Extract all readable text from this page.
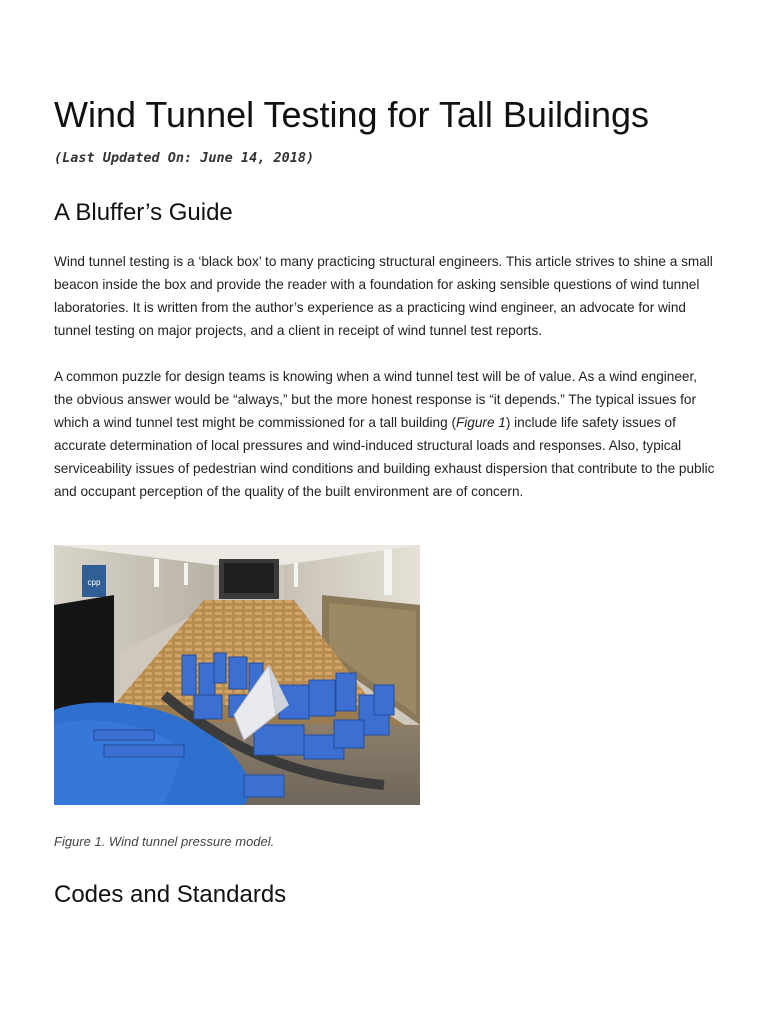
Wind Tunnel Testing for Tall Buildings
(Last Updated On: June 14, 2018)
A Bluffer’s Guide

Wind tunnel testing is a ‘black box’ to many practicing structural engineers. This article strives to shine a small beacon inside the box and provide the reader with a foundation for asking sensible questions of wind tunnel laboratories. It is written from the author’s experience as a practicing wind engineer, an advocate for wind tunnel testing on major projects, and a client in receipt of wind tunnel test reports.

A common puzzle for design teams is knowing when a wind tunnel test will be of value. As a wind engineer, the obvious answer would be “always,” but the more honest response is “it depends.” The typical issues for which a wind tunnel test might be commissioned for a tall building (Figure 1) include life safety issues of accurate determination of local pressures and wind-induced structural loads and responses. Also, typical serviceability issues of pedestrian wind conditions and building exhaust dispersion that contribute to the public and occupant perception of the quality of the built environment are of concern.

cpp
Figure 1. Wind tunnel pressure model.
Codes and Standards
